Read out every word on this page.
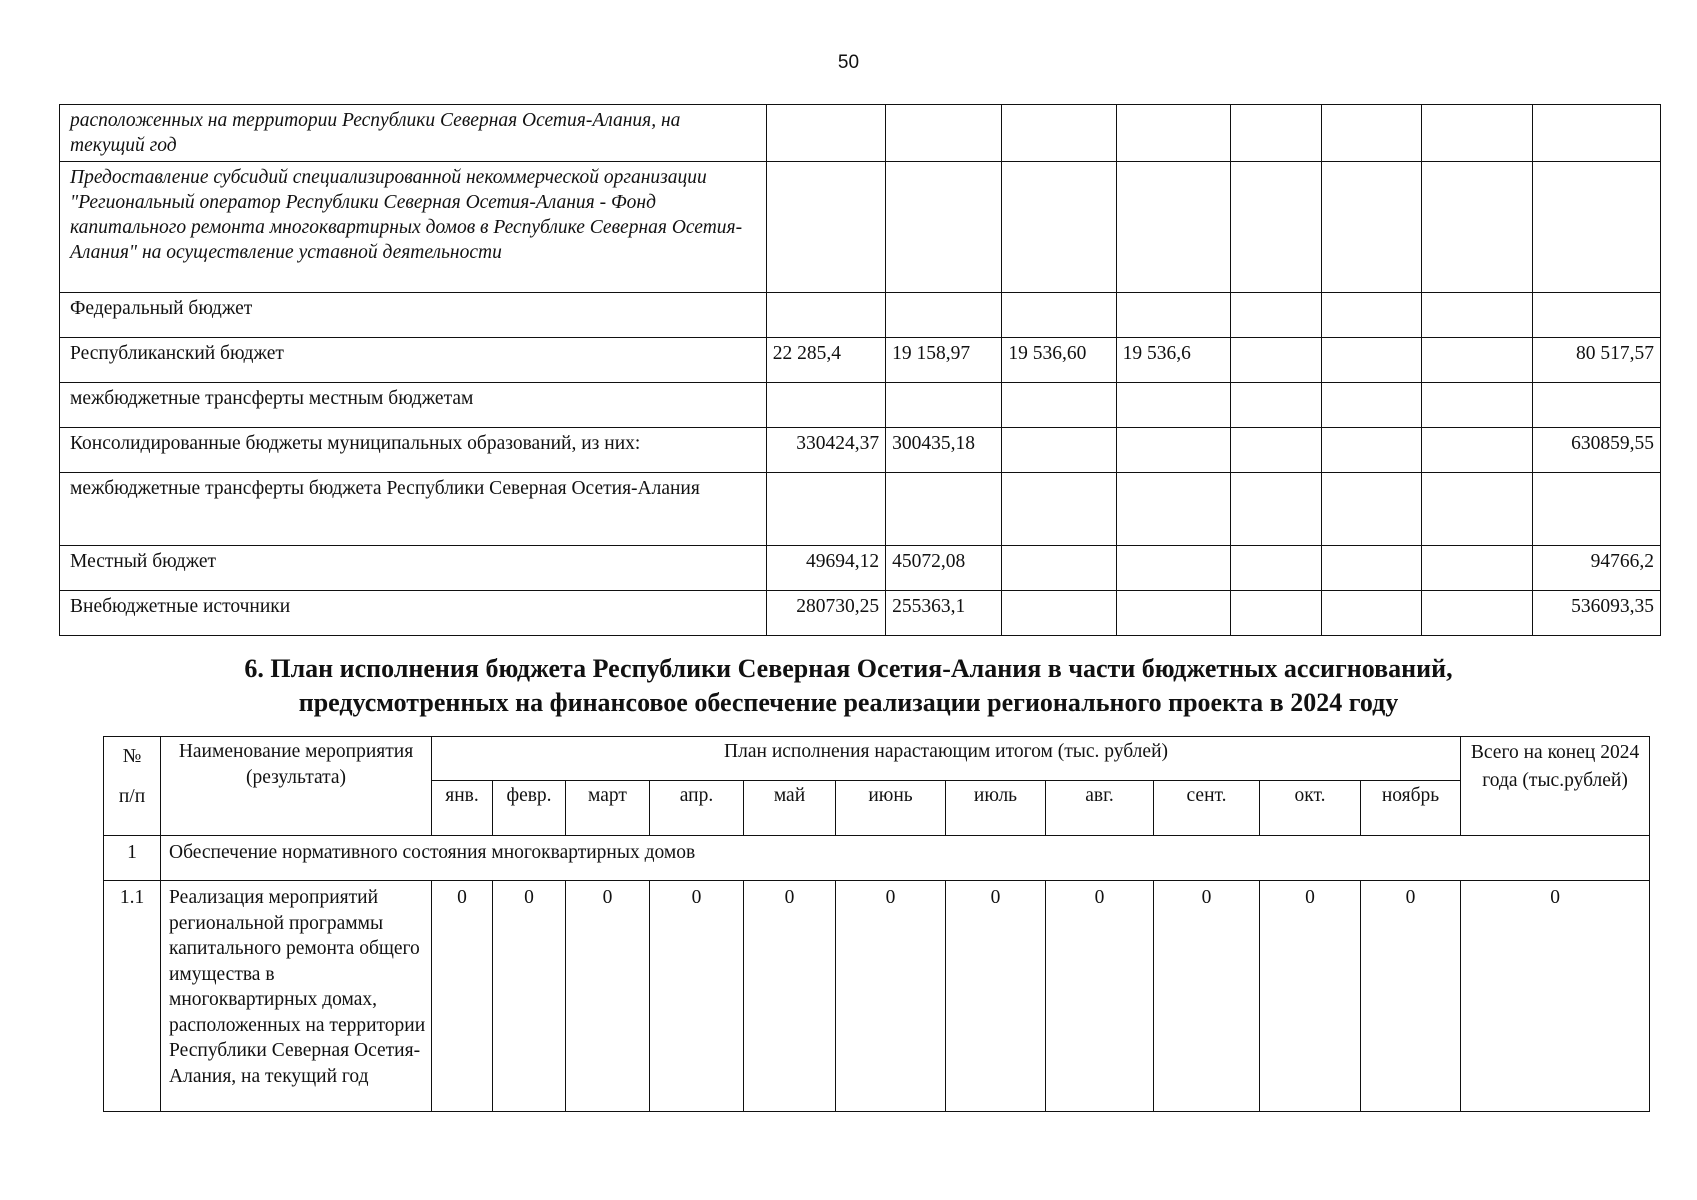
50
расположенных на территории Республики Северная Осетия-Алания, на текущий год								
Предоставление субсидий специализированной некоммерческой организации "Региональный оператор Республики Северная Осетия-Алания - Фонд капитального ремонта многоквартирных домов в Республике Северная Осетия-Алания" на осуществление уставной деятельности								
Федеральный бюджет								
Республиканский бюджет	22 285,4	19 158,97	19 536,60	19 536,6				80 517,57
межбюджетные трансферты местным бюджетам								
Консолидированные бюджеты муниципальных образований, из них:	330424,37	300435,18						630859,55
межбюджетные трансферты бюджета Республики Северная Осетия-Алания								
Местный бюджет	49694,12	45072,08						94766,2
Внебюджетные источники	280730,25	255363,1						536093,35
6. План исполнения бюджета Республики Северная Осетия-Алания в части бюджетных ассигнований,
предусмотренных на финансовое обеспечение реализации регионального проекта в 2024 году
№
п/п	Наименование мероприятия (результата)	План исполнения нарастающим итогом (тыс. рублей)											Всего на конец 2024 года (тыс.рублей)
		янв.	февр.	март	апр.	май	июнь	июль	авг.	сент.	окт.	ноябрь	
1	Обеспечение нормативного состояния многоквартирных домов												
1.1	Реализация мероприятий региональной программы капитального ремонта общего имущества в многоквартирных домах, расположенных на территории Республики Северная Осетия-Алания, на текущий год	0	0	0	0	0	0	0	0	0	0	0	0
